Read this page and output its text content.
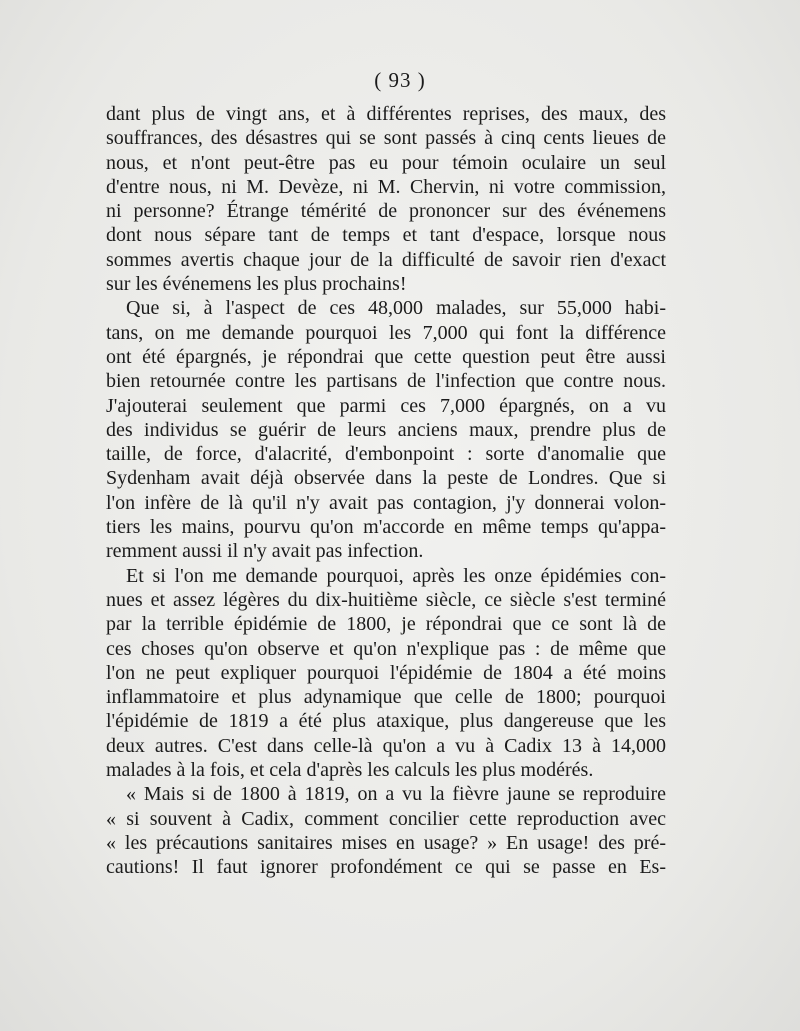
( 93 )
dant plus de vingt ans, et à différentes reprises, des maux, des
souffrances, des désastres qui se sont passés à cinq cents lieues de
nous, et n'ont peut-être pas eu pour témoin oculaire un seul
d'entre nous, ni M. Devèze, ni M. Chervin, ni votre commission,
ni personne? Étrange témérité de prononcer sur des événemens
dont nous sépare tant de temps et tant d'espace, lorsque nous
sommes avertis chaque jour de la difficulté de savoir rien d'exact
sur les événemens les plus prochains!
Que si, à l'aspect de ces 48,000 malades, sur 55,000 habi-
tans, on me demande pourquoi les 7,000 qui font la différence
ont été épargnés, je répondrai que cette question peut être aussi
bien retournée contre les partisans de l'infection que contre nous.
J'ajouterai seulement que parmi ces 7,000 épargnés, on a vu
des individus se guérir de leurs anciens maux, prendre plus de
taille, de force, d'alacrité, d'embonpoint : sorte d'anomalie que
Sydenham avait déjà observée dans la peste de Londres. Que si
l'on infère de là qu'il n'y avait pas contagion, j'y donnerai volon-
tiers les mains, pourvu qu'on m'accorde en même temps qu'appa-
remment aussi il n'y avait pas infection.
Et si l'on me demande pourquoi, après les onze épidémies con-
nues et assez légères du dix-huitième siècle, ce siècle s'est terminé
par la terrible épidémie de 1800, je répondrai que ce sont là de
ces choses qu'on observe et qu'on n'explique pas : de même que
l'on ne peut expliquer pourquoi l'épidémie de 1804 a été moins
inflammatoire et plus adynamique que celle de 1800; pourquoi
l'épidémie de 1819 a été plus ataxique, plus dangereuse que les
deux autres. C'est dans celle-là qu'on a vu à Cadix 13 à 14,000
malades à la fois, et cela d'après les calculs les plus modérés.
« Mais si de 1800 à 1819, on a vu la fièvre jaune se reproduire
« si souvent à Cadix, comment concilier cette reproduction avec
« les précautions sanitaires mises en usage? » En usage! des pré-
cautions! Il faut ignorer profondément ce qui se passe en Es-
